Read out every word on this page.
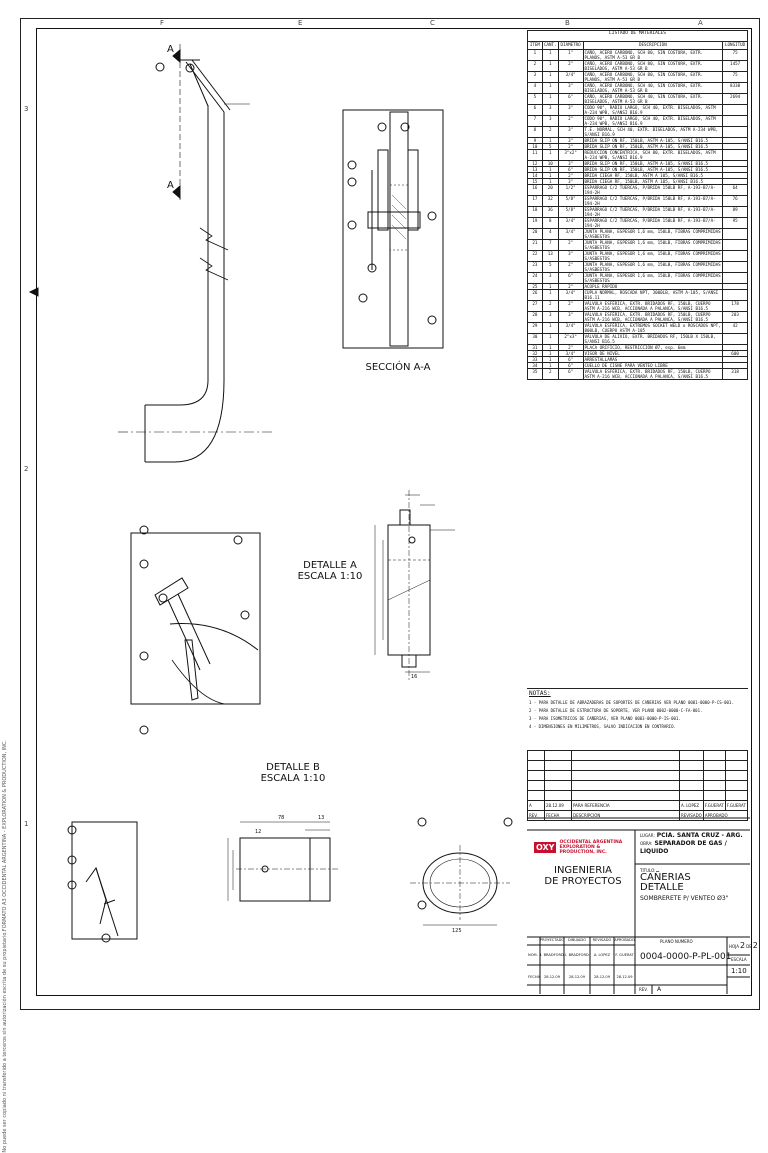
F	E	C	B	A
3
2
1
FORMATO A3 OCCIDENTAL ARGENTINA - EXPLORATION & PRODUCTION, INC.
No puede ser copiado ni transferido a terceros sin autorización escrita de su propietario.
A
A
SECCIÓN A-A
DETALLE A
ESCALA 1:10
DETALLE B
ESCALA 1:10
78	13
125
12
16
LISTADO DE MATERIALES				
ITEM	CANT.	DIÁMETRO	DESCRIPCIÓN	LONGITUD
1	1	1"	CAÑO, ACERO CARBONO, SCH 80, SIN COSTURA, EXTR. PLANOS, ASTM A-53 GR B	75
2	1	2"	CAÑO, ACERO CARBONO, SCH 80, SIN COSTURA, EXTR. BISELADOS, ASTM A-53 GR B	1457
3	1	3/4"	CAÑO, ACERO CARBONO, SCH 80, SIN COSTURA, EXTR. PLANOS, ASTM A-53 GR B	75
4	1	3"	CAÑO, ACERO CARBONO, SCH 40, SIN COSTURA, EXTR. BISELADOS, ASTM A-53 GR B	8330
5	1	6"	CAÑO, ACERO CARBONO, SCH 40, SIN COSTURA, EXTR. BISELADOS, ASTM A-53 GR B	2694
6	3	3"	CODO 90°, RADIO LARGO, SCH 40, EXTR. BISELADOS, ASTM A-234 WPB, S/ANSI B16.9	
7	3	2"	CODO 90°, RADIO LARGO, SCH 40, EXTR. BISELADOS, ASTM A-234 WPB, S/ANSI B16.9	
8	2	3"	T.E. NORMAL, SCH 40, EXTR. BISELADOS, ASTM A-234 WPB, S/ANSI B16.9	
9	1	3"	BRIDA SLIP ON RF, 150LB, ASTM A-105, S/ANSI B16.5	
10	5	2"	BRIDA SLIP ON RF, 150LB, ASTM A-105, S/ANSI B16.5	
11	1	3"x2"	REDUCCIÓN CONCÉNTRICA, SCH 80, EXTR. BISELADOS, ASTM A-234 WPB, S/ANSI B16.9	
12	10	3"	BRIDA SLIP ON RF, 150LB, ASTM A-105, S/ANSI B16.5	
13	1	6"	BRIDA SLIP ON RF, 150LB, ASTM A-105, S/ANSI B16.5	
14	1	2"	BRIDA CIEGA RF, 150LB, ASTM A 105, S/ANSI B16.5	
15	1	3"	BRIDA CIEGA RF, 150LB, ASTM A 105, S/ANSI B16.5	
16	20	1/2"	ESPARRAGO C/2 TUERCAS, P/BRIDA 150LB RF, A-193-B7/A-194-2H	64
17	32	5/8"	ESPARRAGO C/2 TUERCAS, P/BRIDA 150LB RF, A-193-B7/A-194-2H	76
18	36	5/8"	ESPARRAGO C/2 TUERCAS, P/BRIDA 150LB RF, A-193-B7/A-194-2H	89
19	8	3/4"	ESPARRAGO C/2 TUERCAS, P/BRIDA 150LB RF, A-193-B7/A-194-2H	95
20	4	3/4"	JUNTA PLANA, ESPESOR 1,6 mm, 150LB, FIBRAS COMPRIMIDAS S/ASBESTOS	
21	7	2"	JUNTA PLANA, ESPESOR 1,6 mm, 150LB, FIBRAS COMPRIMIDAS S/ASBESTOS	
22	13	3"	JUNTA PLANA, ESPESOR 1,6 mm, 150LB, FIBRAS COMPRIMIDAS S/ASBESTOS	
23	5	2"	JUNTA PLANA, ESPESOR 1,6 mm, 150LB, FIBRAS COMPRIMIDAS S/ASBESTOS	
24	3	6"	JUNTA PLANA, ESPESOR 1,6 mm, 150LB, FIBRAS COMPRIMIDAS S/ASBESTOS	
25	1	2"	ACOPLE RÁPIDO	
26	1	3/4"	CUPLA NORMAL, ROSCADA NPT, 3000LB, ASTM A-105, S/ANSI B16.11	
27	2	2"	VÁLVULA ESFÉRICA, EXTR. BRIDADOS RF, 150LB, CUERPO ASTM A-216 WCB, ACCIONADA A PALANCA, S/ANSI B16.5	178
28	3	3"	VÁLVULA ESFÉRICA, EXTR. BRIDADOS RF, 150LB, CUERPO ASTM A-216 WCB, ACCIONADA A PALANCA, S/ANSI B16.5	203
29	1	3/4"	VÁLVULA ESFÉRICA, EXTREMOS SOCKET WELD o ROSCADOS NPT, 800LB, CUERPO ASTM A-105	42
30	1	2"x3"	VÁLVULA DE ALIVIO, EXTR. BRIDADOS RF, 150LB X 150LB, S/ANSI B16.5	
31	1	2"	PLACA ORIFICIO, RESTRICCIÓN Ø7, esp. 6mm	
32	1	3/4"	VISOR DE NIVEL	600
33	1	6"	ARRESTALLAMAS	
34	1	6"	CUELLO DE CISNE PARA VENTEO LIBRE	
35	2	6"	VÁLVULA ESFÉRICA, EXTR. BRIDADOS RF, 150LB, CUERPO ASTM A-216 WCB, ACCIONADA A PALANCA, S/ANSI B16.5	318
NOTAS:
1 - PARA DETALLE DE ABRAZADERAS DE SOPORTES DE CAÑERIAS VER PLANO 0001-0000-P-CS-001.
2 - PARA DETALLE DE ESTRUCTURA DE SOPORTE, VER PLANO 0002-0000-C-FA-001.
3 - PARA ISOMETRICOS DE CAÑERIAS, VER PLANO 0003-0000-P-IS-001.
4 - DIMENSIONES EN MILIMETROS, SALVO INDICACION EN CONTRARIO.

A	28.12.09	PARA REFERENCIA	A. LOPEZ	F.GUERAT	F.GUERAT
REV.	FECHA	DESCRIPCION	REVISADO	APROBADO	
OXY
OCCIDENTAL ARGENTINA
EXPLORATION & PRODUCTION, INC.
INGENIERIA
DE PROYECTOS
LUGAR: PCIA. SANTA CRUZ - ARG.
OBRA: SEPARADOR DE GAS / LIQUIDO
TITULO:
CAÑERIAS
DETALLE
SOMBRERETE P/ VENTEO Ø3"
PROYECTADO	DIBUJADO	REVISADO APROBADO
NOM. I. BRADFORD I. BRADFORD	A. LOPEZ	F. GUERAT
FECHA	28.12.09	28.12.09	28.12.09	28.12.09
PLANO NUMERO
0004-0000-P-PL-001
REV. A
HOJA 2 DE 2
ESCALA
1:10
